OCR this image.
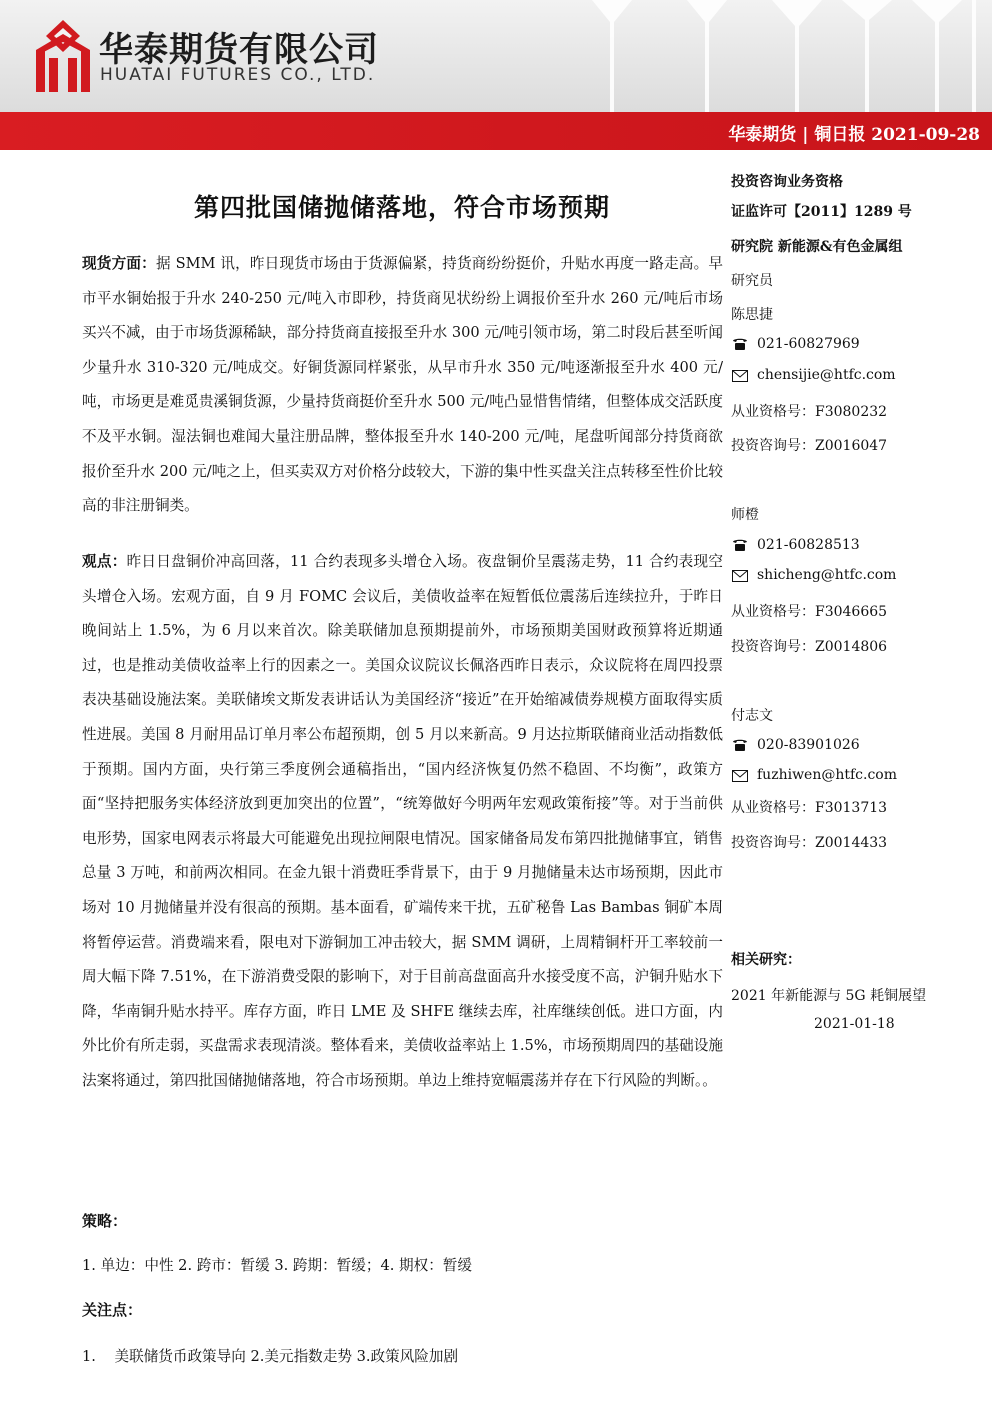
华泰期货有限公司
HUATAI FUTURES CO., LTD.
华泰期货 | 铜日报 2021-09-28
第四批国储抛储落地，符合市场预期
现货方面：据 SMM 讯，昨日现货市场由于货源偏紧，持货商纷纷挺价，升贴水再度一路走高。早市平水铜始报于升水 240-250 元/吨入市即秒，持货商见状纷纷上调报价至升水 260 元/吨后市场买兴不减，由于市场货源稀缺，部分持货商直接报至升水 300 元/吨引领市场，第二时段后甚至听闻少量升水 310-320 元/吨成交。好铜货源同样紧张，从早市升水 350 元/吨逐渐报至升水 400 元/吨，市场更是难觅贵溪铜货源，少量持货商挺价至升水 500 元/吨凸显惜售情绪，但整体成交活跃度不及平水铜。湿法铜也难闻大量注册品牌，整体报至升水 140-200 元/吨，尾盘听闻部分持货商欲报价至升水 200 元/吨之上，但买卖双方对价格分歧较大，下游的集中性买盘关注点转移至性价比较高的非注册铜类。
观点：昨日日盘铜价冲高回落，11 合约表现多头增仓入场。夜盘铜价呈震荡走势，11 合约表现空头增仓入场。宏观方面，自 9 月 FOMC 会议后，美债收益率在短暂低位震荡后连续拉升，于昨日晚间站上 1.5%，为 6 月以来首次。除美联储加息预期提前外，市场预期美国财政预算将近期通过，也是推动美债收益率上行的因素之一。美国众议院议长佩洛西昨日表示，众议院将在周四投票表决基础设施法案。美联储埃文斯发表讲话认为美国经济“接近”在开始缩减债券规模方面取得实质性进展。美国 8 月耐用品订单月率公布超预期，创 5 月以来新高。9 月达拉斯联储商业活动指数低于预期。国内方面，央行第三季度例会通稿指出，“国内经济恢复仍然不稳固、不均衡”，政策方面“坚持把服务实体经济放到更加突出的位置”，“统筹做好今明两年宏观政策衔接”等。对于当前供电形势，国家电网表示将最大可能避免出现拉闸限电情况。国家储备局发布第四批抛储事宜，销售总量 3 万吨，和前两次相同。在金九银十消费旺季背景下，由于 9 月抛储量未达市场预期，因此市场对 10 月抛储量并没有很高的预期。基本面看，矿端传来干扰，五矿秘鲁 Las Bambas 铜矿本周将暂停运营。消费端来看，限电对下游铜加工冲击较大，据 SMM 调研，上周精铜杆开工率较前一周大幅下降 7.51%，在下游消费受限的影响下，对于目前高盘面高升水接受度不高，沪铜升贴水下降，华南铜升贴水持平。库存方面，昨日 LME 及 SHFE 继续去库，社库继续创低。进口方面，内外比价有所走弱，买盘需求表现清淡。整体看来，美债收益率站上 1.5%，市场预期周四的基础设施法案将通过，第四批国储抛储落地，符合市场预期。单边上维持宽幅震荡并存在下行风险的判断。。
策略：
1. 单边：中性 2. 跨市：暂缓 3. 跨期：暂缓；4. 期权：暂缓
关注点：
1.    美联储货币政策导向 2.美元指数走势 3.政策风险加剧
投资咨询业务资格
证监许可【2011】1289 号
研究院 新能源&有色金属组
研究员
陈思捷
021-60827969
chensijie@htfc.com
从业资格号：F3080232
投资咨询号：Z0016047
师橙
021-60828513
shicheng@htfc.com
从业资格号：F3046665
投资咨询号：Z0014806
付志文
020-83901026
fuzhiwen@htfc.com
从业资格号：F3013713
投资咨询号：Z0014433
相关研究：
2021 年新能源与 5G 耗铜展望
2021-01-18
